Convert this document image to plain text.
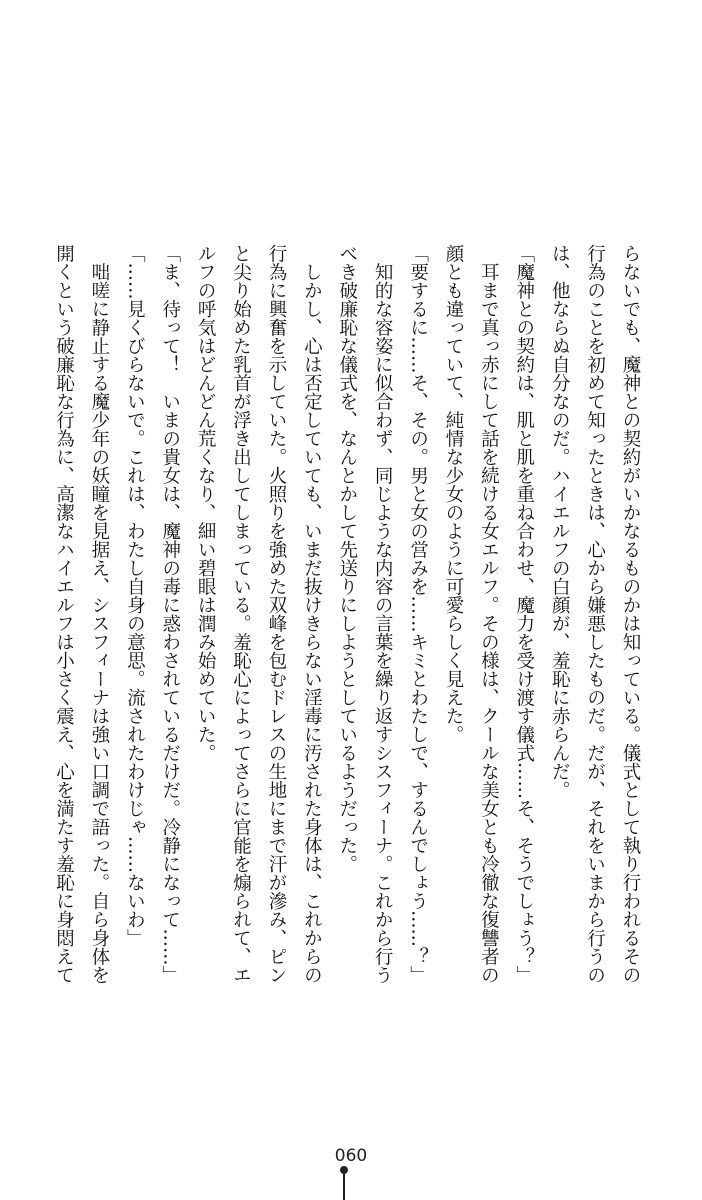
らないでも、魔神との契約がいかなるものかは知っている。儀式として執り行われるその
行為のことを初めて知ったときは、心から嫌悪したものだ。だが、それをいまから行うの
は、他ならぬ自分なのだ。ハイエルフの白顔が、羞恥に赤らんだ。
「魔神との契約は、肌と肌を重ね合わせ、魔力を受け渡す儀式……そ、そうでしょう？」
　耳まで真っ赤にして話を続ける女エルフ。その様は、クールな美女とも冷徹な復讐者の
顔とも違っていて、純情な少女のように可愛らしく見えた。
「要するに……そ、その。男と女の営みを……キミとわたしで、するんでしょう……？」
　知的な容姿に似合わず、同じような内容の言葉を繰り返すシスフィーナ。これから行う
べき破廉恥な儀式を、なんとかして先送りにしようとしているようだった。
　しかし、心は否定していても、いまだ抜けきらない淫毒に汚された身体は、これからの
行為に興奮を示していた。火照りを強めた双峰を包むドレスの生地にまで汗が滲み、ピン
と尖り始めた乳首が浮き出してしまっている。羞恥心によってさらに官能を煽られて、エ
ルフの呼気はどんどん荒くなり、細い碧眼は潤み始めていた。
「ま、待って！　いまの貴女は、魔神の毒に惑わされているだけだ。冷静になって……」
「……見くびらないで。これは、わたし自身の意思。流されたわけじゃ……ないわ」
　咄嗟に静止する魔少年の妖瞳を見据え、シスフィーナは強い口調で語った。自ら身体を
開くという破廉恥な行為に、高潔なハイエルフは小さく震え、心を満たす羞恥に身悶えて
060
